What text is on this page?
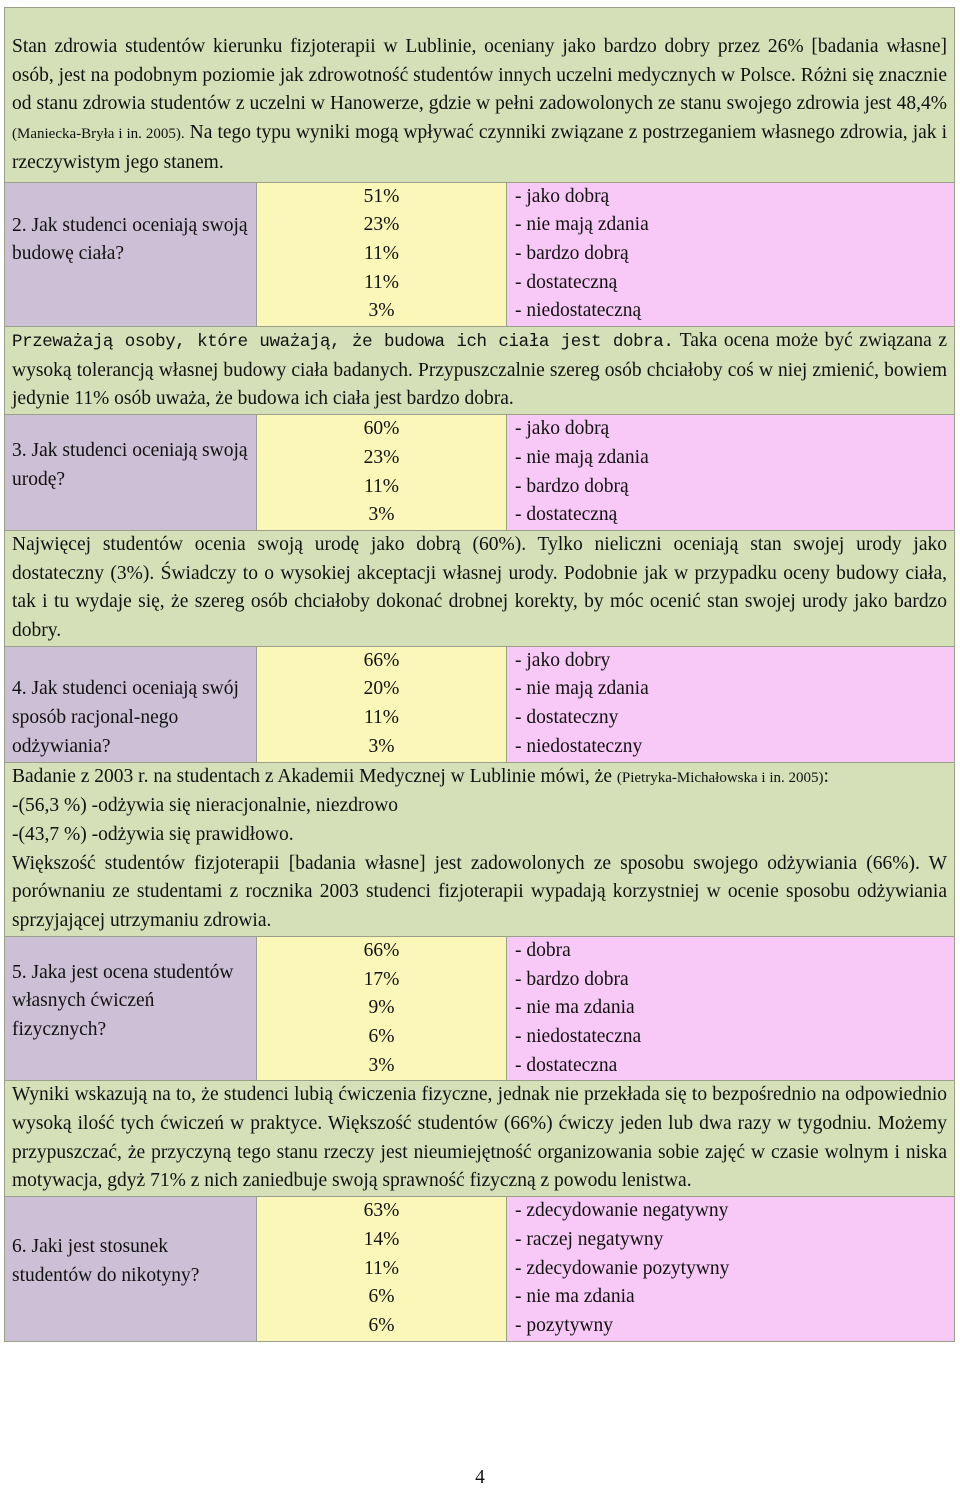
Stan zdrowia studentów kierunku fizjoterapii w Lublinie, oceniany jako bardzo dobry przez 26% [badania własne] osób, jest na podobnym poziomie jak zdrowotność studentów innych uczelni medycznych w Polsce. Różni się znacznie od stanu zdrowia studentów z uczelni w Hanowerze, gdzie w pełni zadowolonych ze stanu swojego zdrowia jest 48,4% (Maniecka-Bryła i in. 2005). Na tego typu wyniki mogą wpływać czynniki związane z postrzeganiem własnego zdrowia, jak i rzeczywistym jego stanem.
2. Jak studenci oceniają swoją budowę ciała?
51%
23%
11%
11%
3%
- jako dobrą
- nie mają zdania
- bardzo dobrą
- dostateczną
- niedostateczną
Przeważają osoby, które uważają, że budowa ich ciała jest dobra. Taka ocena może być związana z wysoką tolerancją własnej budowy ciała badanych. Przypuszczalnie szereg osób chciałoby coś w niej zmienić, bowiem jedynie 11% osób uważa, że budowa ich ciała jest bardzo dobra.
3. Jak studenci oceniają swoją urodę?
60%
23%
11%
3%
- jako dobrą
- nie mają zdania
- bardzo dobrą
- dostateczną
Najwięcej studentów ocenia swoją urodę jako dobrą (60%). Tylko nieliczni oceniają stan swojej urody jako dostateczny (3%). Świadczy to o wysokiej akceptacji własnej urody. Podobnie jak w przypadku oceny budowy ciała, tak i tu wydaje się, że szereg osób chciałoby dokonać drobnej korekty, by móc ocenić stan swojej urody jako bardzo dobry.
4. Jak studenci oceniają swój sposób racjonal-nego odżywiania?
66%
20%
11%
3%
- jako dobry
- nie mają zdania
- dostateczny
- niedostateczny
Badanie z 2003 r. na studentach z Akademii Medycznej w Lublinie mówi, że (Pietryka-Michałowska i in. 2005):
-(56,3 %) -odżywia się nieracjonalnie, niezdrowo
-(43,7 %) -odżywia się prawidłowo.
Większość studentów fizjoterapii [badania własne] jest zadowolonych ze sposobu swojego odżywiania (66%). W porównaniu ze studentami z rocznika 2003 studenci fizjoterapii wypadają korzystniej w ocenie sposobu odżywiania sprzyjającej utrzymaniu zdrowia.
5. Jaka jest ocena studentów własnych ćwiczeń fizycznych?
66%
17%
9%
6%
3%
- dobra
- bardzo dobra
- nie ma zdania
- niedostateczna
- dostateczna
Wyniki wskazują na to, że studenci lubią ćwiczenia fizyczne, jednak nie przekłada się to bezpośrednio na odpowiednio wysoką ilość tych ćwiczeń w praktyce. Większość studentów (66%) ćwiczy jeden lub dwa razy w tygodniu. Możemy przypuszczać, że przyczyną tego stanu rzeczy jest nieumiejętność organizowania sobie zajęć w czasie wolnym i niska motywacja, gdyż 71% z nich zaniedbuje swoją sprawność fizyczną z powodu lenistwa.
6. Jaki jest stosunek studentów do nikotyny?
63%
14%
11%
6%
6%
- zdecydowanie negatywny
- raczej negatywny
- zdecydowanie pozytywny
- nie ma zdania
- pozytywny
4
